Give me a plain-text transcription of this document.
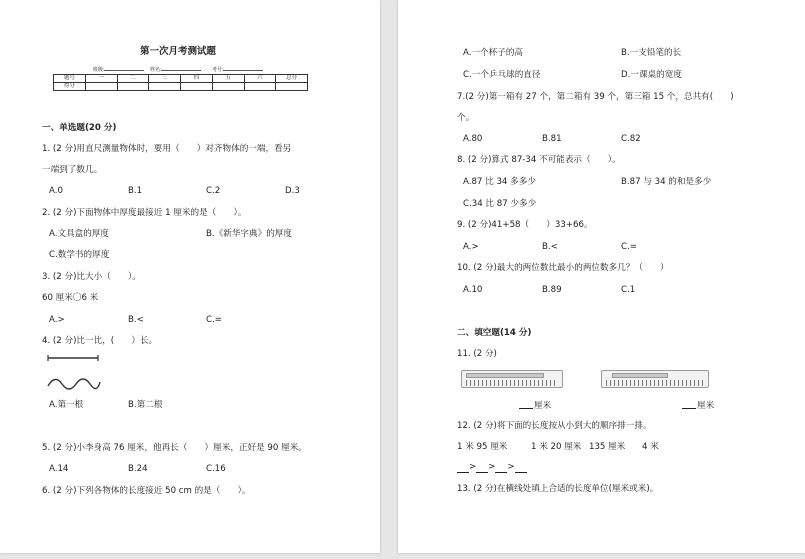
第一次月考测试题
班级:	姓名:	考号:
题号	一	二	三	四	五	六	总分
得分							
一、单选题(20 分)
1. (2 分)用直尺测量物体时，要用（　　）对齐物体的一端，看另
一端到了数几。
A.0	B.1	C.2	D.3
2. (2 分)下面物体中厚度最接近 1 厘米的是（　　）。
A.文具盒的厚度	B.《新华字典》的厚度
C.数学书的厚度
3. (2 分)比大小（　　）。
60 厘米〇6 米
A.>	B.<	C.=
4. (2 分)比一比，(　　）长。
A.第一根	B.第二根
5. (2 分)小李身高 76 厘米，他再长（　　）厘米，正好是 90 厘米。
A.14	B.24	C.16
6. (2 分)下列各物体的长度接近 50 cm 的是（　　）。
A.一个杯子的高	B.一支铅笔的长
C.一个乒乓球的直径	D.一课桌的宽度
7.(2 分)第一箱有 27 个，第二箱有 39 个，第三箱 15 个，总共有(　　)
个。
A.80	B.81	C.82
8. (2 分)算式 87-34 不可能表示（　　）。
A.87 比 34 多多少	B.87 与 34 的和是多少
C.34 比 87 少多少
9. (2 分)41+58（　　）33+66。
A.>	B.<	C.=
10. (2 分)最大的两位数比最小的两位数多几？（　　）
A.10	B.89	C.1
二、填空题(14 分)
11. (2 分)
厘米	厘米
12. (2 分)将下面的长度按从小到大的顺序排一排。
1 米 95 厘米	1 米 20 厘米 135 厘米 4 米
> > >
13. (2 分)在横线处填上合适的长度单位(厘米或米)。
